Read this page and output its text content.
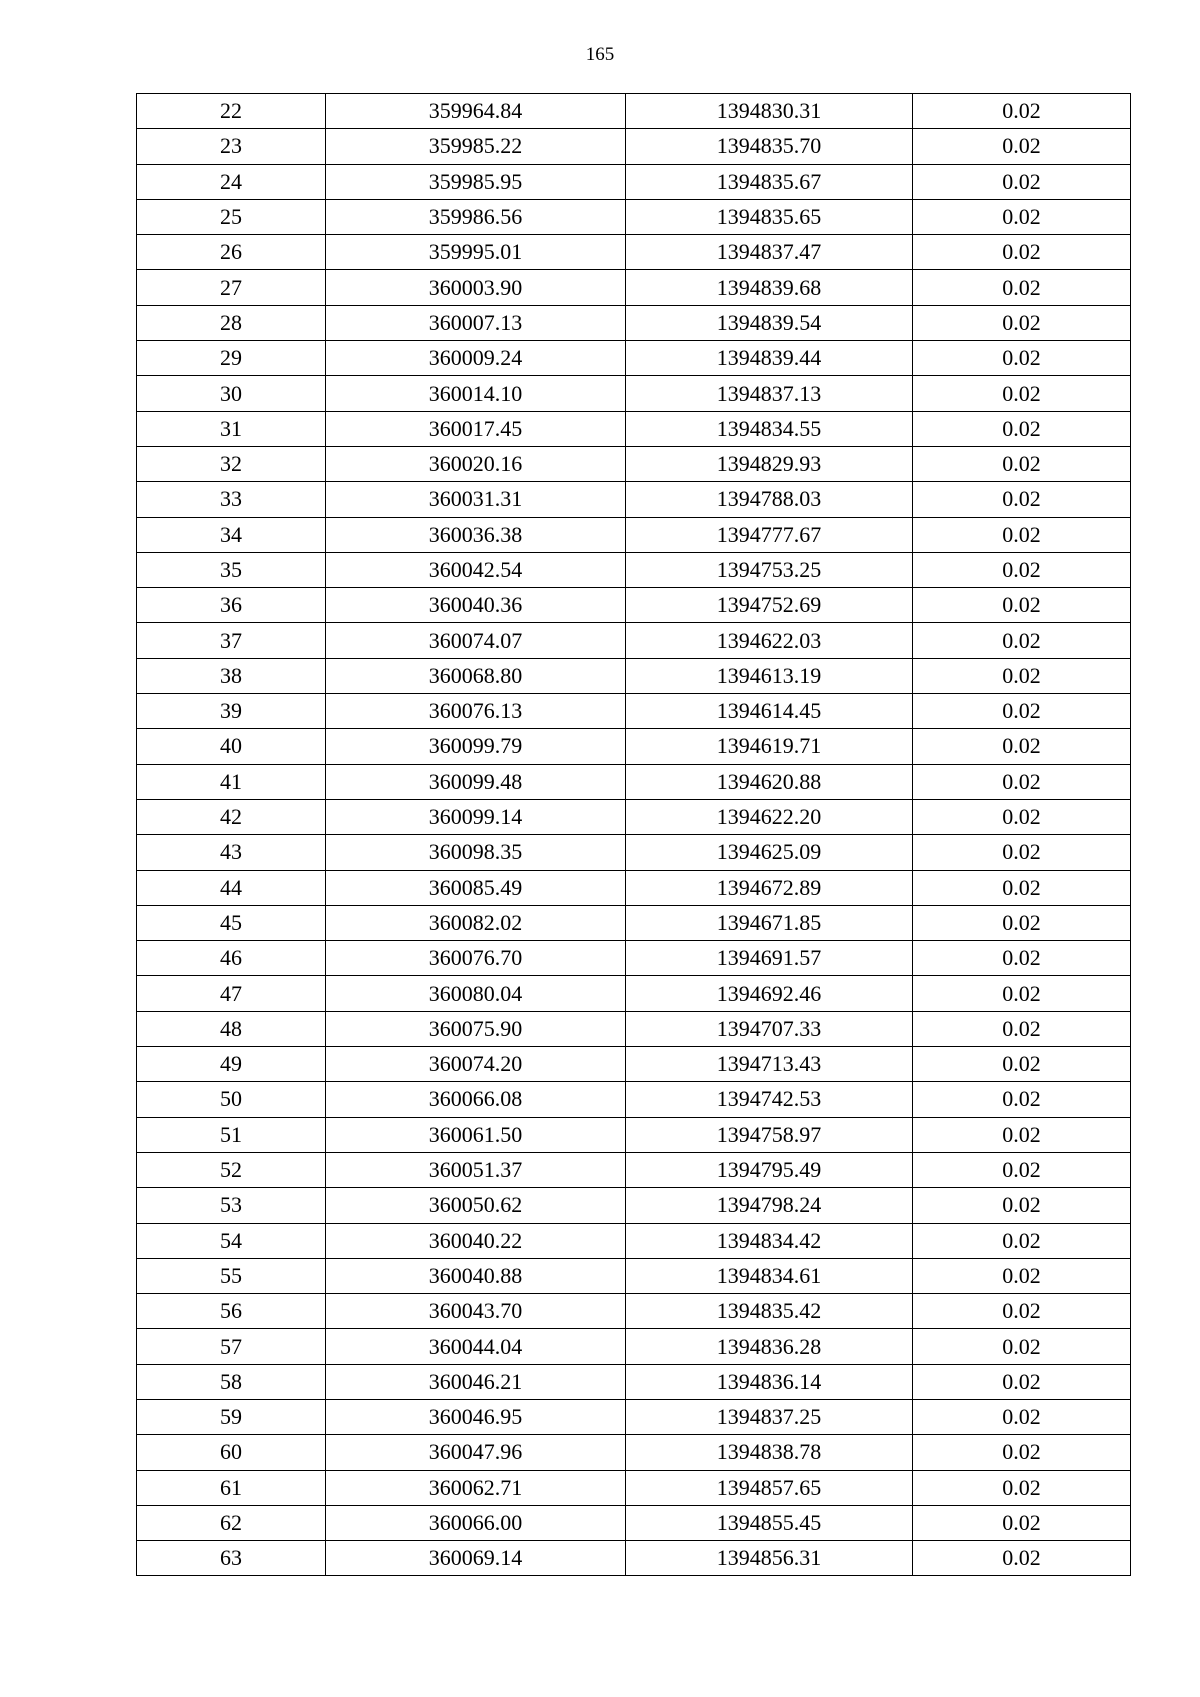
165
22	359964.84	1394830.31	0.02
23	359985.22	1394835.70	0.02
24	359985.95	1394835.67	0.02
25	359986.56	1394835.65	0.02
26	359995.01	1394837.47	0.02
27	360003.90	1394839.68	0.02
28	360007.13	1394839.54	0.02
29	360009.24	1394839.44	0.02
30	360014.10	1394837.13	0.02
31	360017.45	1394834.55	0.02
32	360020.16	1394829.93	0.02
33	360031.31	1394788.03	0.02
34	360036.38	1394777.67	0.02
35	360042.54	1394753.25	0.02
36	360040.36	1394752.69	0.02
37	360074.07	1394622.03	0.02
38	360068.80	1394613.19	0.02
39	360076.13	1394614.45	0.02
40	360099.79	1394619.71	0.02
41	360099.48	1394620.88	0.02
42	360099.14	1394622.20	0.02
43	360098.35	1394625.09	0.02
44	360085.49	1394672.89	0.02
45	360082.02	1394671.85	0.02
46	360076.70	1394691.57	0.02
47	360080.04	1394692.46	0.02
48	360075.90	1394707.33	0.02
49	360074.20	1394713.43	0.02
50	360066.08	1394742.53	0.02
51	360061.50	1394758.97	0.02
52	360051.37	1394795.49	0.02
53	360050.62	1394798.24	0.02
54	360040.22	1394834.42	0.02
55	360040.88	1394834.61	0.02
56	360043.70	1394835.42	0.02
57	360044.04	1394836.28	0.02
58	360046.21	1394836.14	0.02
59	360046.95	1394837.25	0.02
60	360047.96	1394838.78	0.02
61	360062.71	1394857.65	0.02
62	360066.00	1394855.45	0.02
63	360069.14	1394856.31	0.02
